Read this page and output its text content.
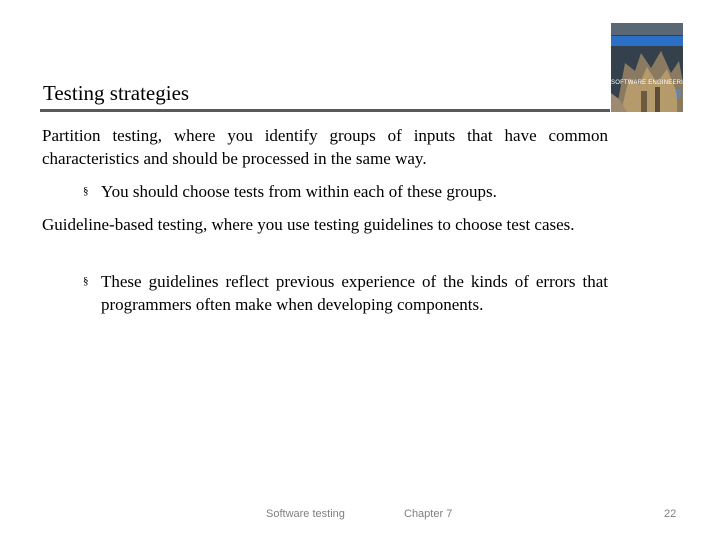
Testing strategies	SOFTWARE ENGINEERING
9
Partition testing, where you identify groups of inputs that have common characteristics and should be processed in the same way.
§ You should choose tests from within each of these groups.
Guideline-based testing, where you use testing guidelines to choose test cases.
§ These guidelines reflect previous experience of the kinds of errors that programmers often make when developing components.
Software testing	Chapter 7	22
